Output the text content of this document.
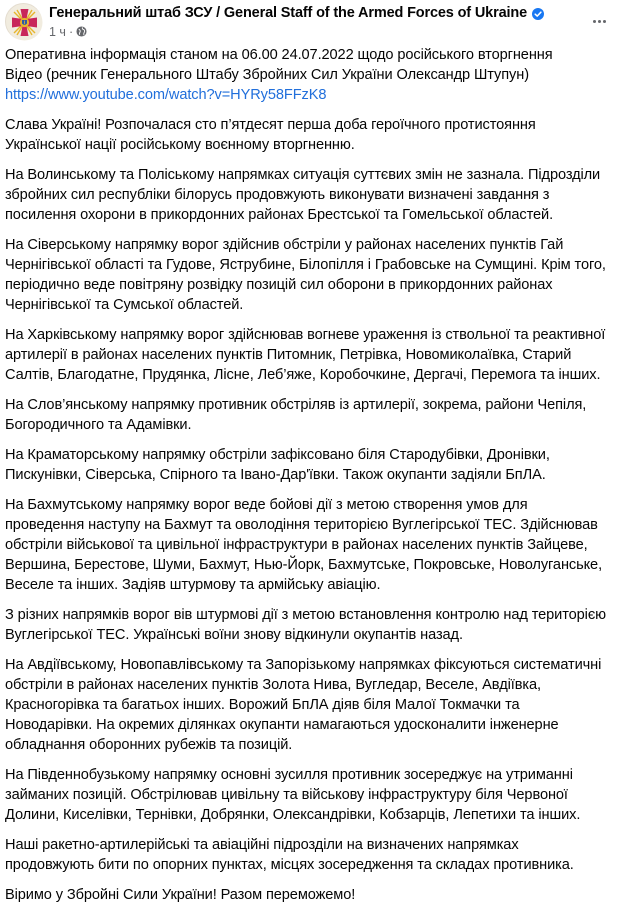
Генеральний штаб ЗСУ / General Staff of the Armed Forces of Ukraine
1 ч ·

Оперативна інформація станом на 06.00 24.07.2022 щодо російського вторгнення

Відео (речник Генерального Штабу Збройних Сил України Олександр Штупун)

https://www.youtube.com/watch?v=HYRy58FFzK8

Слава Україні! Розпочалася сто п’ятдесят перша доба героїчного протистояння Української нації російському воєнному вторгненню.

На Волинському та Поліському напрямках ситуація суттєвих змін не зазнала. Підрозділи збройних сил республіки білорусь продовжують виконувати визначені завдання з посилення охорони в прикордонних районах Брестської та Гомельської областей.

На Сіверському напрямку ворог здійснив обстріли у районах населених пунктів Гай Чернігівської області та Гудове, Яструбине, Білопілля і Грабовське на Сумщині. Крім того, періодично веде повітряну розвідку позицій сил оборони в прикордонних районах Чернігівської та Сумської областей.

На Харківському напрямку ворог здійснював вогневе ураження із ствольної та реактивної артилерії в районах населених пунктів Питомник, Петрівка, Новомиколаївка, Старий Салтів, Благодатне, Прудянка, Лісне, Леб’яже, Коробочкине, Дергачі, Перемога та інших.

На Слов’янському напрямку противник обстріляв із артилерії, зокрема, райони Чепіля, Богородичного та Адамівки.

На Краматорському напрямку обстріли зафіксовано біля Стародубівки, Дронівки, Пискунівки, Сіверська, Спірного та Івано-Дар'ївки. Також окупанти задіяли БпЛА.

На Бахмутському напрямку ворог веде бойові дії з метою створення умов для проведення наступу на Бахмут та оволодіння територією Вуглегірської ТЕС. Здійснював обстріли військової та цивільної інфраструктури в районах населених пунктів Зайцеве, Вершина, Берестове, Шуми, Бахмут, Нью-Йорк, Бахмутське, Покровське, Новолуганське, Веселе та інших. Задіяв штурмову та армійську авіацію.

З різних напрямків ворог вів штурмові дії з метою встановлення контролю над територією Вуглегірської ТЕС. Українські воїни знову відкинули окупантів назад.

На Авдіївському, Новопавлівському та Запорізькому напрямках фіксуються систематичні обстріли в районах населених пунктів Золота Нива, Вугледар, Веселе, Авдіївка, Красногорівка та багатьох інших. Ворожий БпЛА діяв біля Малої Токмачки та Новодарівки. На окремих ділянках окупанти намагаються удосконалити інженерне обладнання оборонних рубежів та позицій.

На Південнобузькому напрямку основні зусилля противник зосереджує на утриманні займаних позицій. Обстрілював цивільну та військову інфраструктуру біля Червоної Долини, Киселівки, Тернівки, Добрянки, Олександрівки, Кобзарців, Лепетихи та інших.

Наші ракетно-артилерійські та авіаційні підрозділи на визначених напрямках продовжують бити по опорних пунктах, місцях зосередження та складах противника.

Віримо у Збройні Сили України! Разом переможемо!
